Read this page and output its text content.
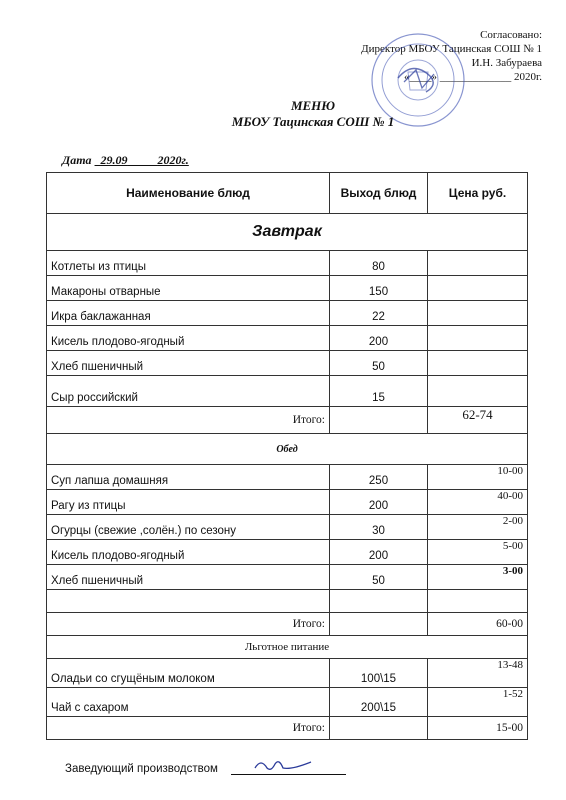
Согласовано:
Директор МБОУ Тацинская СОШ № 1
И.Н. Забураева
«____» _____________ 2020г.
МЕНЮ
МБОУ Тацинская СОШ № 1
Дата 29.09	2020г.
Наименование блюд	Выход блюд	Цена руб.
Завтрак		
Котлеты из птицы	80	
Макароны отварные	150	
Икра баклажанная	22	
Кисель плодово-ягодный	200	
Хлеб пшеничный	50	
Сыр российский	15	
Итого:		62-74
Обед		
Суп лапша домашняя	250	10-00
Рагу из птицы	200	40-00
Огурцы (свежие ,солён.) по сезону	30	2-00
Кисель плодово-ягодный	200	5-00
Хлеб пшеничный	50	3-00

Итого:		60-00
Льготное питание		
Оладьи со сгущёным молоком	100\15	13-48
Чай с сахаром	200\15	1-52
Итого:		15-00
Заведующий производством
